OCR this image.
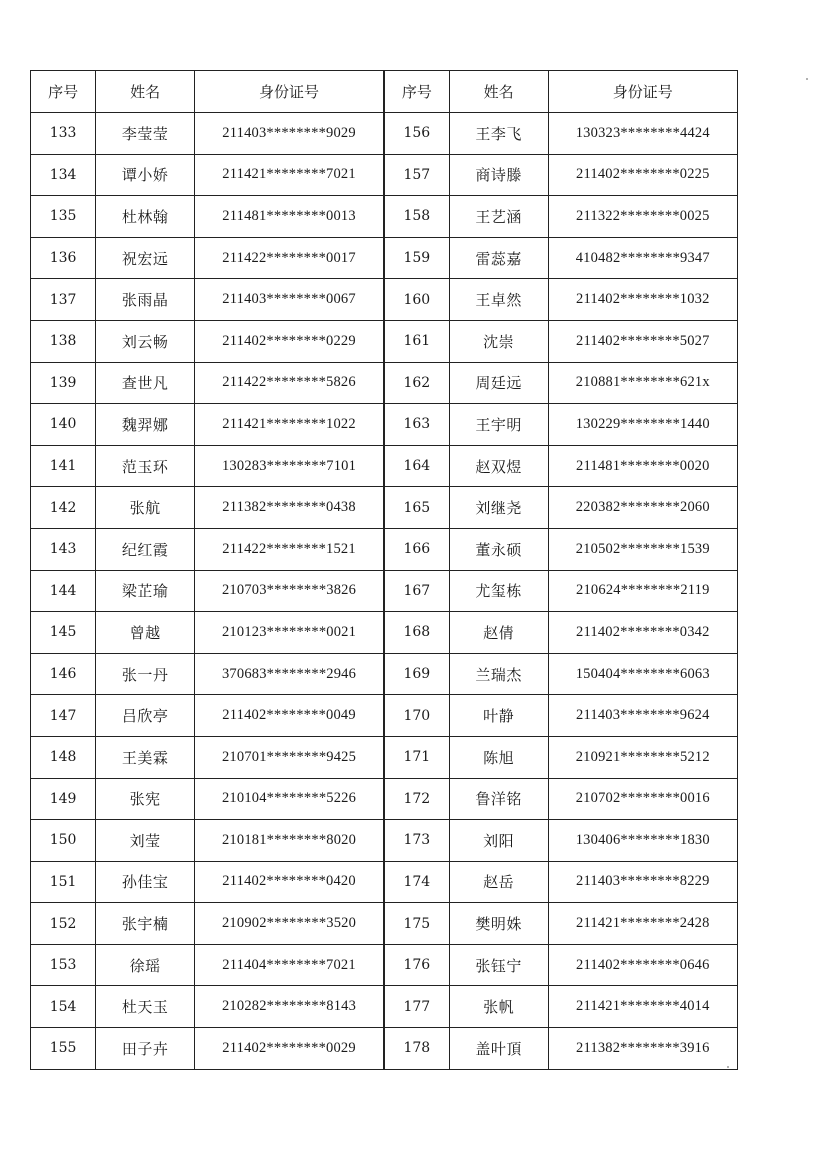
序号	姓名	身份证号	序号	姓名	身份证号
133	李莹莹	211403********9029	156	王李飞	130323********4424
134	谭小娇	211421********7021	157	商诗滕	211402********0225
135	杜林翰	211481********0013	158	王艺涵	211322********0025
136	祝宏远	211422********0017	159	雷蕊嘉	410482********9347
137	张雨晶	211403********0067	160	王卓然	211402********1032
138	刘云畅	211402********0229	161	沈崇	211402********5027
139	查世凡	211422********5826	162	周廷远	210881********621x
140	魏羿娜	211421********1022	163	王宇明	130229********1440
141	范玉环	130283********7101	164	赵双煜	211481********0020
142	张航	211382********0438	165	刘继尧	220382********2060
143	纪红霞	211422********1521	166	董永硕	210502********1539
144	梁芷瑜	210703********3826	167	尤玺栋	210624********2119
145	曾越	210123********0021	168	赵倩	211402********0342
146	张一丹	370683********2946	169	兰瑞杰	150404********6063
147	吕欣亭	211402********0049	170	叶静	211403********9624
148	王美霖	210701********9425	171	陈旭	210921********5212
149	张宪	210104********5226	172	鲁洋铭	210702********0016
150	刘莹	210181********8020	173	刘阳	130406********1830
151	孙佳宝	211402********0420	174	赵岳	211403********8229
152	张宇楠	210902********3520	175	樊明姝	211421********2428
153	徐瑶	211404********7021	176	张钰宁	211402********0646
154	杜天玉	210282********8143	177	张帆	211421********4014
155	田子卉	211402********0029	178	盖叶頂	211382********3916
